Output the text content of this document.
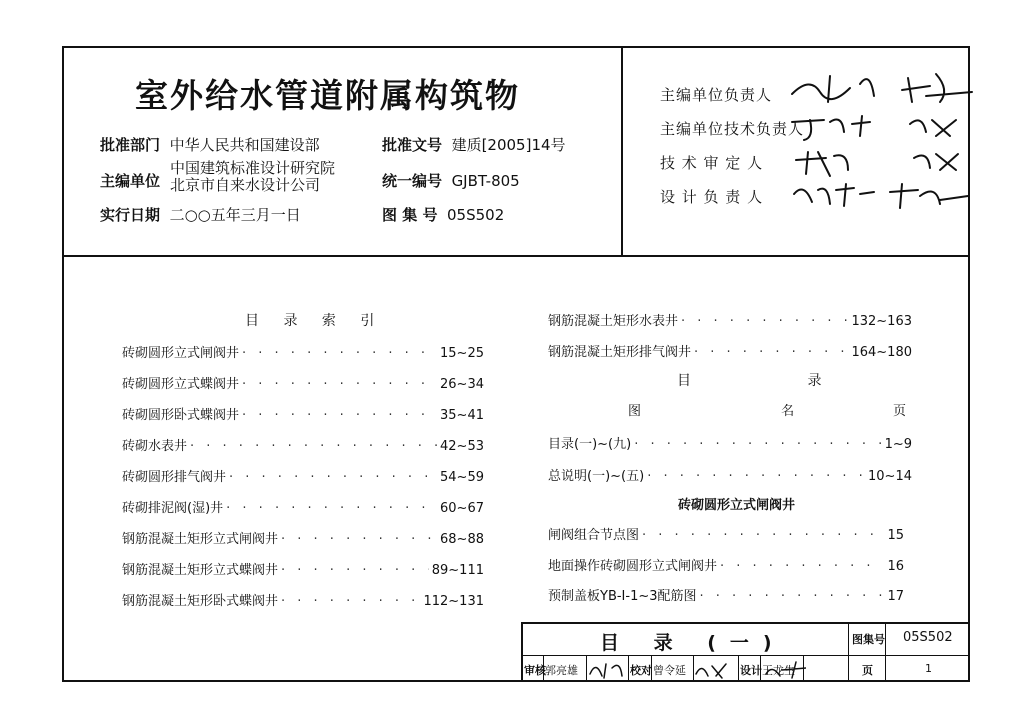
室外给水管道附属构筑物
批准部门 中华人民共和国建设部	批准文号 建质[2005]14号
主编单位
中国建筑标准设计研究院
北京市自来水设计公司	统一编号 GJBT-805
实行日期 二○○五年三月一日	图 集 号 05S502
主编单位负责人
主编单位技术负责人
技 术 审 定 人
设 计 负 责 人
目 录 索 引
砖砌圆形立式闸阀井 · · ·	15~25
砖砌圆形立式蝶阀井 · · ·	26~34
砖砌圆形卧式蝶阀井 · · ·	35~41
砖砌水表井 · · ·	42~53
砖砌圆形排气阀井 · · ·	54~59
砖砌排泥阀(湿)井 · · ·	60~67
钢筋混凝土矩形立式闸阀井 · · ·	68~88
钢筋混凝土矩形立式蝶阀井 · · ·	89~111
钢筋混凝土矩形卧式蝶阀井 · · ·	112~131
钢筋混凝土矩形水表井 · · ·	132~163
钢筋混凝土矩形排气阀井 · · ·	164~180
目 录
图 名 页
目录(一)~(九) · · ·	1~9
总说明(一)~(五) · · ·	10~14
砖砌圆形立式闸阀井
闸阀组合节点图 · · ·	15
地面操作砖砌圆形立式闸阀井 · · ·	16
预制盖板YB-Ⅰ-1~3配筋图 · · ·	17
目 录 (一)	图集号 05S502
审核 郭亮雄	校对 曾令延	设计 王龙生	页	1
